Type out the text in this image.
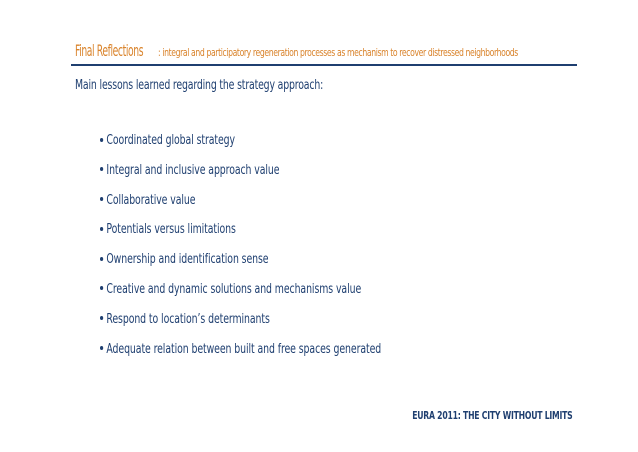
Final Reflections : integral and participatory regeneration processes as mechanism to recover distressed neighborhoods
Main lessons learned regarding the strategy approach:
Coordinated global strategy
Integral and inclusive approach value
Collaborative value
Potentials versus limitations
Ownership and identification sense
Creative and dynamic solutions and mechanisms value
Respond to location’s determinants
Adequate relation between built and free spaces generated
EURA 2011: THE CITY WITHOUT LIMITS
